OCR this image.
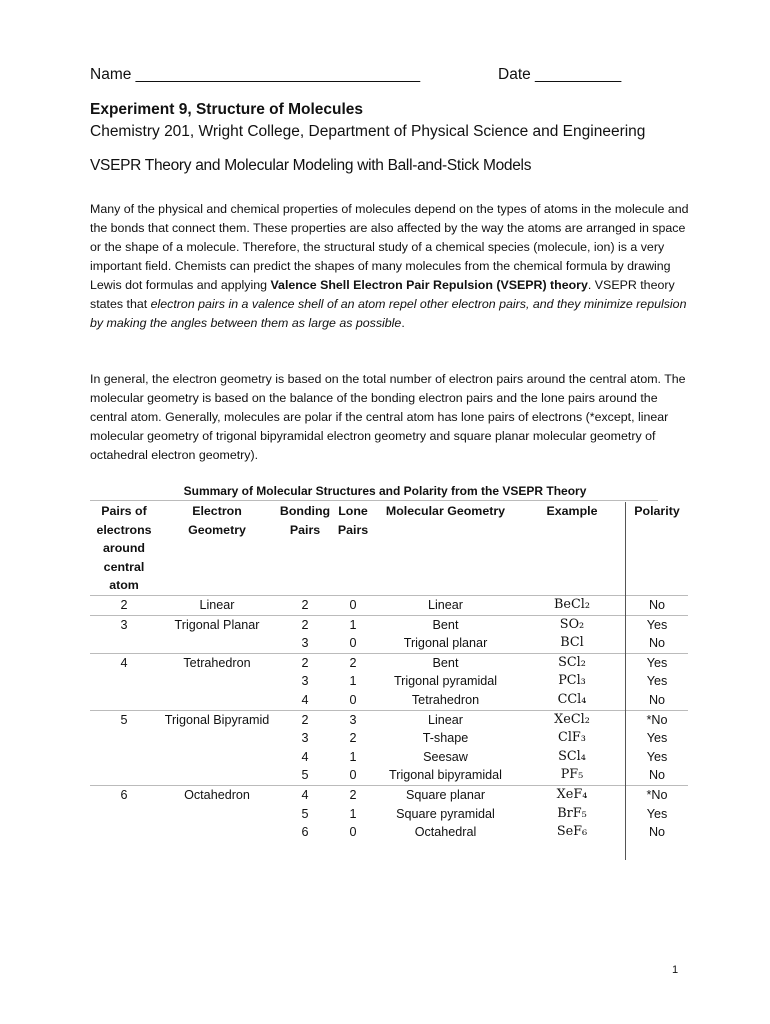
Name _________________________________	Date __________
Experiment 9, Structure of Molecules
Chemistry 201, Wright College, Department of Physical Science and Engineering
VSEPR Theory and Molecular Modeling with Ball-and-Stick Models
Many of the physical and chemical properties of molecules depend on the types of atoms in the molecule and the bonds that connect them. These properties are also affected by the way the atoms are arranged in space or the shape of a molecule. Therefore, the structural study of a chemical species (molecule, ion) is a very important field. Chemists can predict the shapes of many molecules from the chemical formula by drawing Lewis dot formulas and applying Valence Shell Electron Pair Repulsion (VSEPR) theory. VSEPR theory states that electron pairs in a valence shell of an atom repel other electron pairs, and they minimize repulsion by making the angles between them as large as possible.
In general, the electron geometry is based on the total number of electron pairs around the central atom. The molecular geometry is based on the balance of the bonding electron pairs and the lone pairs around the central atom. Generally, molecules are polar if the central atom has lone pairs of electrons (*except, linear molecular geometry of trigonal bipyramidal electron geometry and square planar molecular geometry of octahedral electron geometry).
Summary of Molecular Structures and Polarity from the VSEPR Theory
Pairs of electrons around central atom	Electron Geometry	Bonding Pairs	Lone Pairs	Molecular Geometry	Example	Polarity
2	Linear	2	0	Linear	BeCl₂	No
3	Trigonal Planar	2	1	Bent	SO₂	Yes
		3	0	Trigonal planar	BCl	No
4	Tetrahedron	2	2	Bent	SCl₂	Yes
		3	1	Trigonal pyramidal	PCl₃	Yes
		4	0	Tetrahedron	CCl₄	No
5	Trigonal Bipyramid	2	3	Linear	XeCl₂	*No
		3	2	T-shape	ClF₃	Yes
		4	1	Seesaw	SCl₄	Yes
		5	0	Trigonal bipyramidal	PF₅	No
6	Octahedron	4	2	Square planar	XeF₄	*No
		5	1	Square pyramidal	BrF₅	Yes
		6	0	Octahedral	SeF₆	No

1
